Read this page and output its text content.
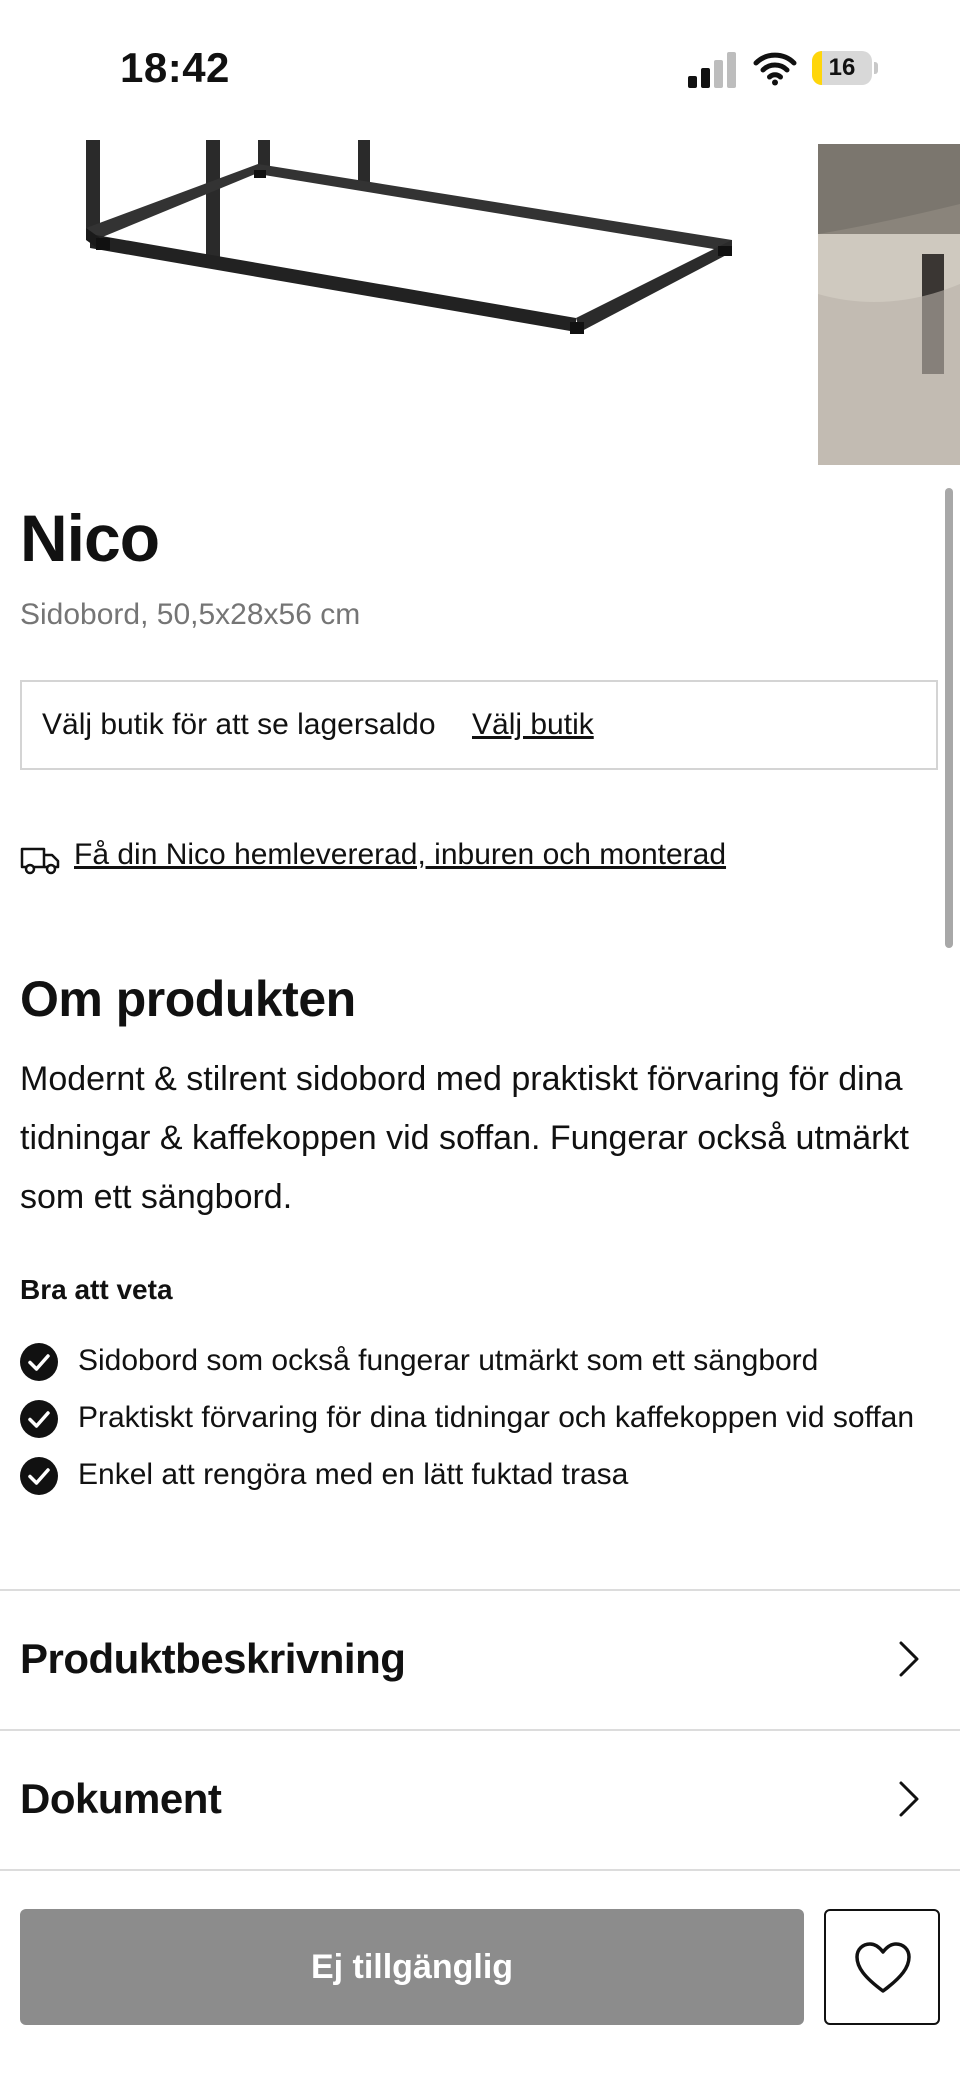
18:42	16
Nico
Sidobord, 50,5x28x56 cm
Välj butik för att se lagersaldo Välj butik
Få din Nico hemlevererad, inburen och monterad
Om produkten
Modernt & stilrent sidobord med praktiskt förvaring för dina tidningar & kaffekoppen vid soffan. Fungerar också utmärkt som ett sängbord.
Bra att veta
Sidobord som också fungerar utmärkt som ett sängbord
Praktiskt förvaring för dina tidningar och kaffekoppen vid soffan
Enkel att rengöra med en lätt fuktad trasa
Produktbeskrivning
Dokument
Ej tillgänglig
